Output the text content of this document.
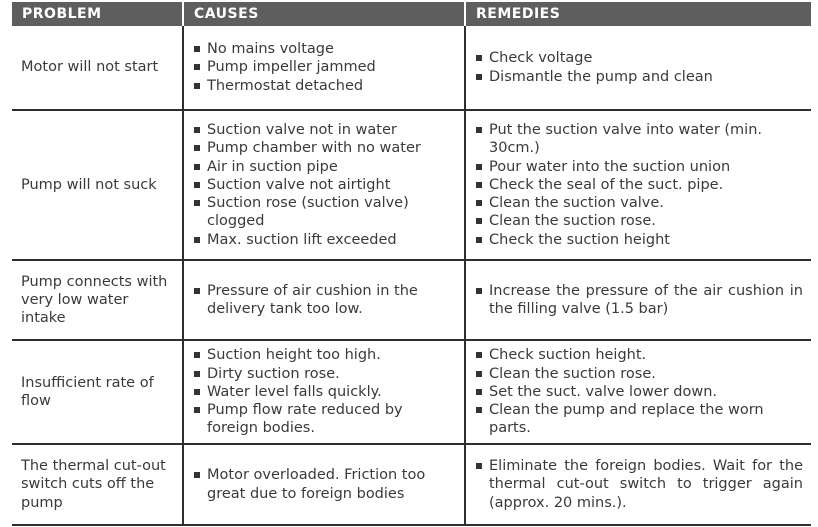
PROBLEM	CAUSES	REMEDIES
Motor will not start
No mains voltage
Pump impeller jammed
Thermostat detached
Check voltage
Dismantle the pump and clean
Pump will not suck
Suction valve not in water
Pump chamber with no water
Air in suction pipe
Suction valve not airtight
Suction rose (suction valve) clogged
Max. suction lift exceeded
Put the suction valve into water (min. 30cm.)
Pour water into the suction union
Check the seal of the suct. pipe.
Clean the suction valve.
Clean the suction rose.
Check the suction height
Pump connects with very low water intake
Pressure of air cushion in the delivery tank too low.
Increase the pressure of the air cushion in the filling valve (1.5 bar)
Insufficient rate of flow
Suction height too high.
Dirty suction rose.
Water level falls quickly.
Pump flow rate reduced by foreign bodies.
Check suction height.
Clean the suction rose.
Set the suct. valve lower down.
Clean the pump and replace the worn parts.
The thermal cut-out switch cuts off the pump
Motor overloaded. Friction too great due to foreign bodies
Eliminate the foreign bodies. Wait for the thermal cut-out switch to trigger again (approx. 20 mins.).
